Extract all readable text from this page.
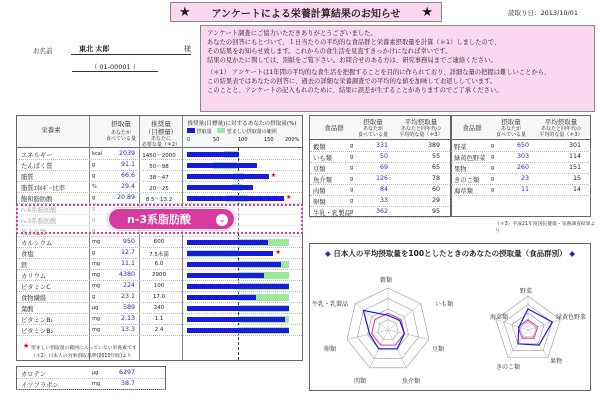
★ アンケートによる栄養計算結果のお知らせ ★	読取り日：2013/10/01

アンケート調査にご協力いただきありがとうございました。
あなたの回答にもとづいて、１日当たりの平均的な食品群と栄養素摂取量を計算（＊1）しましたので、
その結果をお知らせ致します。これからの食生活を見直すきっかけになれば幸いです。
結果の見かたに関しては、別紙をご覧下さい。お問合せのある方は、研究事務局までご連絡ください。

（＊1） アンケートは1年間の平均的な食生活を把握することを目的に作られており、詳細な量の把握は難しいことから、
この結果表ではあなたの回答に、過去の詳細な栄養調査での平均的な値を加味してお返ししています。
このことと、アンケートの記入もれのために、結果に誤差が生ずることがありますのでご了承ください。

お名前	東北 太郎	様
（ 01-00001 ）
栄養素
摂取量
あなたが
食べている量
推奨量
（目標量）
あなたに
必要な量（＊2）
推奨量(目標量)に対するあなたの摂取量(%)
摂取量	望ましい摂取量の範囲
0	50	100	150 200%
エネルギー	kcal	2039	1450〜2000
たんぱく質	g	91.1	50〜98
脂質	g	66.6	38〜47	★
脂質ｴﾈﾙｷﾞｰ比率	%	29.4	20〜25
飽和脂肪酸	g	20.89	8.5〜13.2	★
カルシウム	mg	950	600
食塩	g	12.7	7.5未満	★
鉄	mg	11.1	6.0
カリウム	mg	4380	2900
ビタミンC	mg	224	100
食物繊維	g	23.1	17.0
葉酸	μg	589	240
ビタミンB₁	mg	2.13	1.1
ビタミンB₂	mg	13.3	2.4
★ 望ましい摂取量の範囲に入っていない栄養素です
（＊2）日本人の食事摂取基準(2010年版)より
n-3系脂肪酸	⌄
カロテン	μg	6297
イソフラボン	mg	38.7
食品群
摂取量
あなたが
食べている量
平均摂取量
あなたと同年代の
平均的な量（＊3）
食品群
摂取量
あなたが
食べている量
平均摂取量
あなたと同年代の
平均的な量（＊3）
穀類	g	331	389
いも類	g	50	55
豆類	g	69	65
魚介類	g	126	78
肉類	g	84	60
卵類	g	33	29
牛乳・乳製品 g	362	95
野菜	g	650	301
緑黄色野菜 g	303	114
果物	g	260	151
きのこ類 g	23	15
海草類	g	11	14
（＊3）平成21年度国民健康・栄養調査結果より
◆ 日本人の平均摂取量を100としたときのあなたの摂取量（食品群別） ◆
穀類
いも類
豆類
魚介類
肉類
卵類
牛乳・乳製品
野菜
緑黄色野菜
果物
きのこ類
海草類
